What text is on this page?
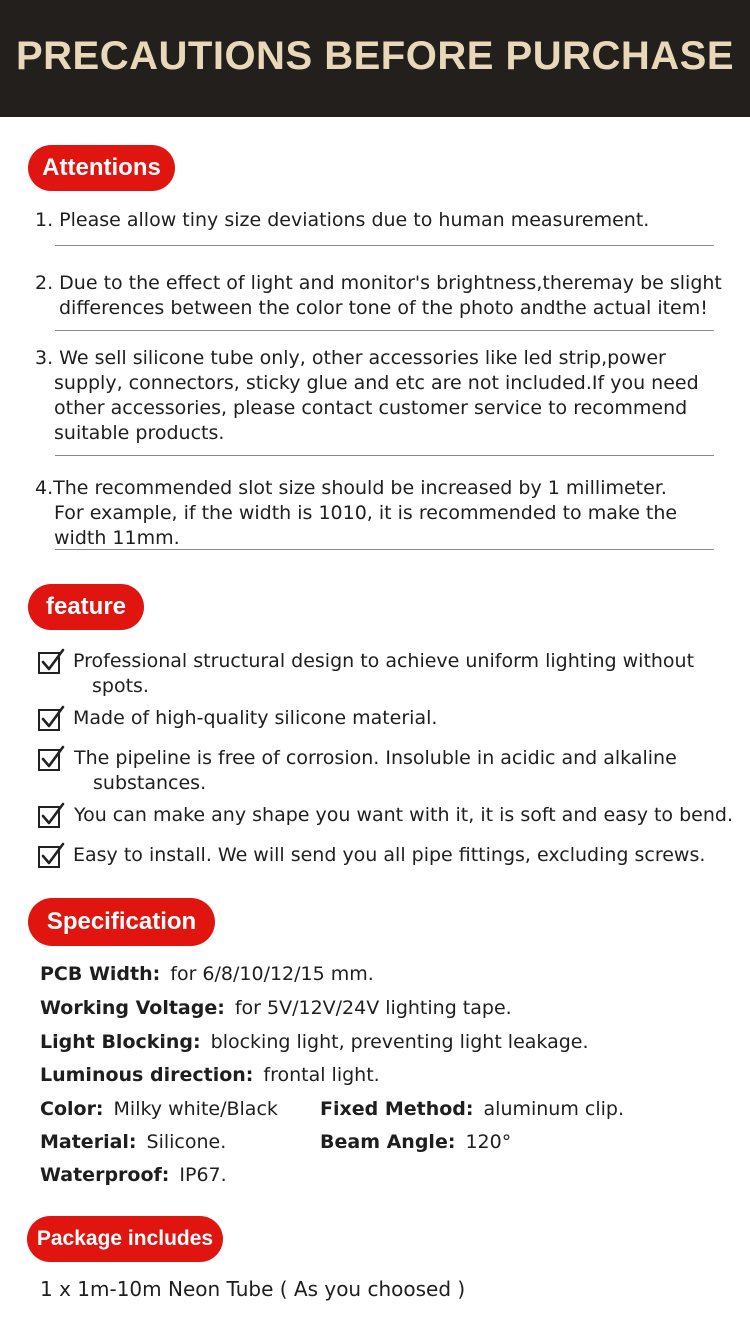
PRECAUTIONS BEFORE PURCHASE
Attentions
1. Please allow tiny size deviations due to human measurement.
2. Due to the effect of light and monitor's brightness,theremay be slight
differences between the color tone of the photo andthe actual item!
3. We sell silicone tube only, other accessories like led strip,power
supply, connectors, sticky glue and etc are not included.If you need
other accessories, please contact customer service to recommend
suitable products.
4.The recommended slot size should be increased by 1 millimeter.
For example, if the width is 1010, it is recommended to make the
width 11mm.
feature
Professional structural design to achieve uniform lighting without
spots.
Made of high-quality silicone material.
The pipeline is free of corrosion. Insoluble in acidic and alkaline
substances.
You can make any shape you want with it, it is soft and easy to bend.
Easy to install. We will send you all pipe fittings, excluding screws.
Specification
PCB Width: for 6/8/10/12/15 mm.
Working Voltage: for 5V/12V/24V lighting tape.
Light Blocking: blocking light, preventing light leakage.
Luminous direction: frontal light.
Color: Milky white/Black Fixed Method: aluminum clip.
Material: Silicone.	Beam Angle: 120°
Waterproof: IP67.
Package includes
1 x 1m-10m Neon Tube ( As you choosed )
